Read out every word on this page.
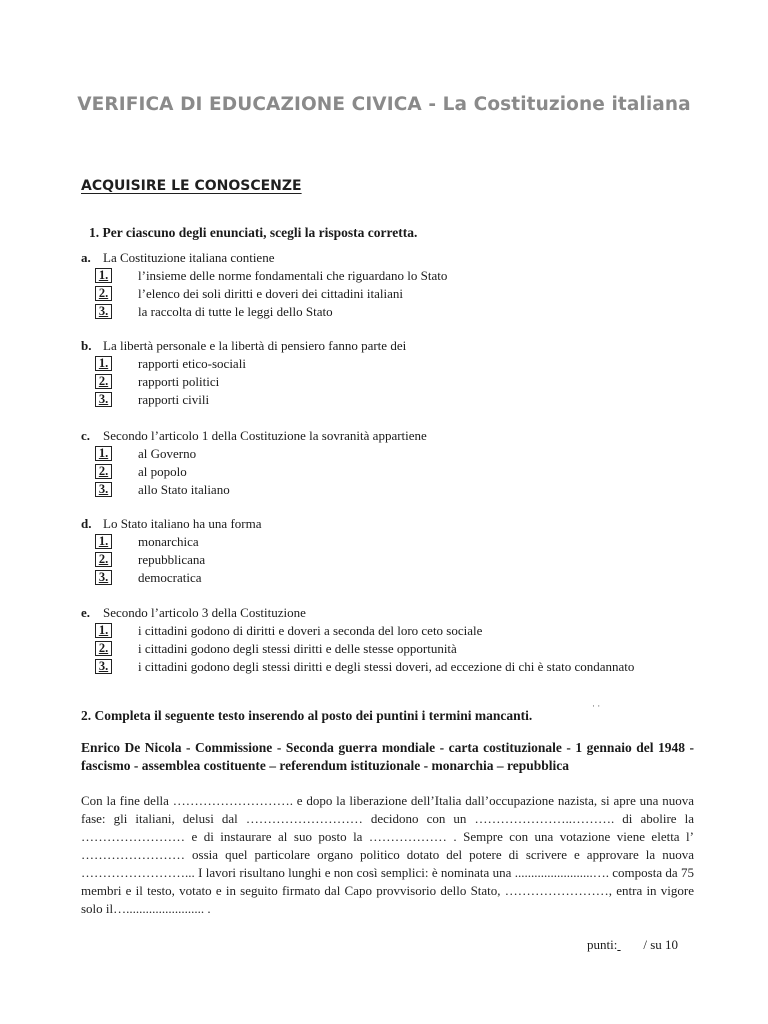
VERIFICA DI EDUCAZIONE CIVICA - La Costituzione italiana
ACQUISIRE LE CONOSCENZE
1. Per ciascuno degli enunciati, scegli la risposta corretta.
a. La Costituzione italiana contiene
1. l’insieme delle norme fondamentali che riguardano lo Stato
2. l’elenco dei soli diritti e doveri dei cittadini italiani
3. la raccolta di tutte le leggi dello Stato
b. La libertà personale e la libertà di pensiero fanno parte dei
1. rapporti etico-sociali
2. rapporti politici
3. rapporti civili
c. Secondo l’articolo 1 della Costituzione la sovranità appartiene
1. al Governo
2. al popolo
3. allo Stato italiano
d. Lo Stato italiano ha una forma
1. monarchica
2. repubblicana
3. democratica
e. Secondo l’articolo 3 della Costituzione
1. i cittadini godono di diritti e doveri a seconda del loro ceto sociale
2. i cittadini godono degli stessi diritti e delle stesse opportunità
3. i cittadini godono degli stessi diritti e degli stessi doveri, ad eccezione di chi è stato condannato
· ·
2. Completa il seguente testo inserendo al posto dei puntini i termini mancanti.
Enrico De Nicola - Commissione - Seconda guerra mondiale - carta costituzionale - 1 gennaio del 1948 - fascismo - assemblea costituente – referendum istituzionale - monarchia – repubblica
Con la fine della ………………………. e dopo la liberazione dell’Italia dall’occupazione nazista, si apre una nuova fase: gli italiani, delusi dal ……………………… decidono con un …………………..………. di abolire la …………………… e di instaurare al suo posto la ……………… . Sempre con una votazione viene eletta l’ …………………… ossia quel particolare organo politico dotato del potere di scrivere e approvare la nuova ……………………... I lavori risultano lunghi e non così semplici: è nominata una ........................…. composta da 75 membri e il testo, votato e in seguito firmato dal Capo provvisorio dello Stato, ……………………, entra in vigore solo il…........................ .
punti: / su 10
